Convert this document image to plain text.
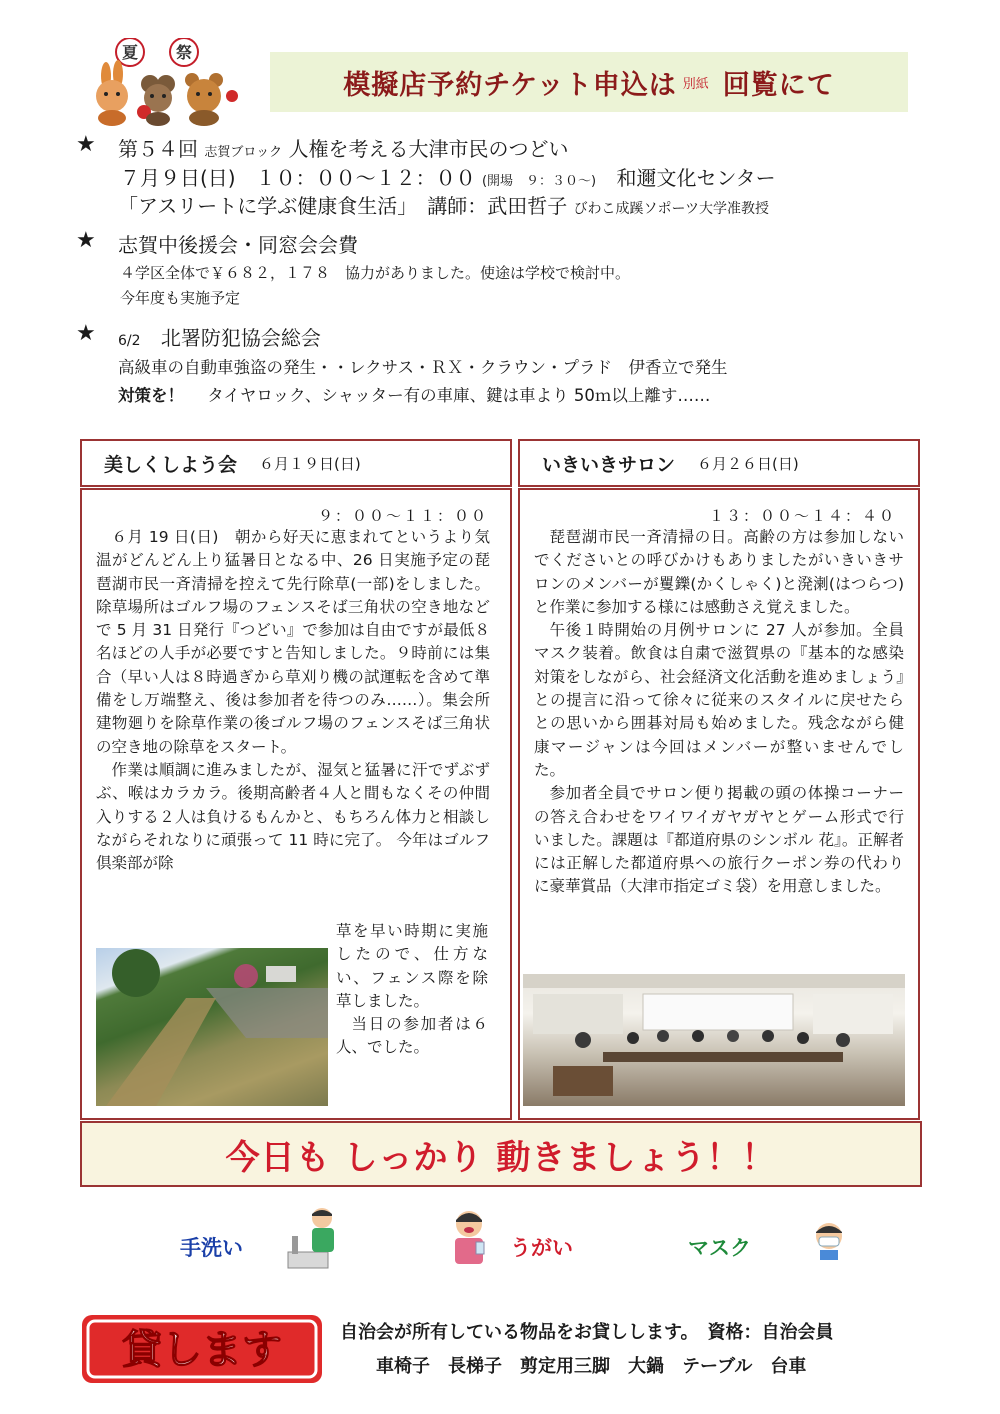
夏 祭
模擬店予約チケット申込は 別紙 回覧にて
★ 第５４回 志賀ブロック 人権を考える大津市民のつどい
７月９日(日)　１０：００～１２：００ (開場　９：３０～) 和邇文化センター
「アスリートに学ぶ健康食生活」　講師：武田哲子 びわこ成蹊ソポーツ大学准教授
★ 志賀中後援会・同窓会会費
４学区全体で￥６８２，１７８　協力がありました。使途は学校で検討中。
今年度も実施予定
★ 6/2 北署防犯協会総会
高級車の自動車強盗の発生・・レクサス・ＲＸ・クラウン・プラド　伊香立で発生
対策を！ タイヤロック、シャッター有の車庫、鍵は車より 50ｍ以上離す……
美しくしよう会 ６月１９日(日)
９：００～１１：００

６月 19 日(日)　朝から好天に恵まれてというより気温がどんどん上り猛暑日となる中、26 日実施予定の琵琶湖市民一斉清掃を控えて先行除草(一部)をしました。除草場所はゴルフ場のフェンスそば三角状の空き地などで 5 月 31 日発行『つどい』で参加は自由ですが最低８名ほどの人手が必要ですと告知しました。９時前には集合（早い人は８時過ぎから草刈り機の試運転を含めて準備をし万端整え、後は参加者を待つのみ……）。集会所建物廻りを除草作業の後ゴルフ場のフェンスそば三角状の空き地の除草をスタート。

作業は順調に進みましたが、湿気と猛暑に汗でずぶずぶ、喉はカラカラ。後期高齢者４人と間もなくその仲間入りする２人は負けるもんかと、もちろん体力と相談しながらそれなりに頑張って 11 時に完了。 今年はゴルフ倶楽部が除

草を早い時期に実施したので、仕方ない、フェンス際を除草しました。

当日の参加者は６人、でした。

いきいきサロン ６月２６日(日)
１３：００～１４：４０

琵琶湖市民一斉清掃の日。高齢の方は参加しないでくださいとの呼びかけもありましたがいきいきサロンのメンバーが矍鑠(かくしゃく)と溌溂(はつらつ)と作業に参加する様には感動さえ覚えました。

午後１時開始の月例サロンに 27 人が参加。全員マスク装着。飲食は自粛で滋賀県の『基本的な感染対策をしながら、社会経済文化活動を進めましょう』との提言に沿って徐々に従来のスタイルに戻せたらとの思いから囲碁対局も始めました。残念ながら健康マージャンは今回はメンバーが整いませんでした。

参加者全員でサロン便り掲載の頭の体操コーナーの答え合わせをワイワイガヤガヤとゲーム形式で行いました。課題は『都道府県のシンボル 花』。正解者には正解した都道府県への旅行クーポン券の代わりに豪華賞品（大津市指定ゴミ袋）を用意しました。

今日も しっかり 動きましょう！！
手洗い	うがい	マスク
貸します	自治会が所有している物品をお貸しします。　資格：自治会員
車椅子　長梯子　剪定用三脚　大鍋　テーブル　台車
